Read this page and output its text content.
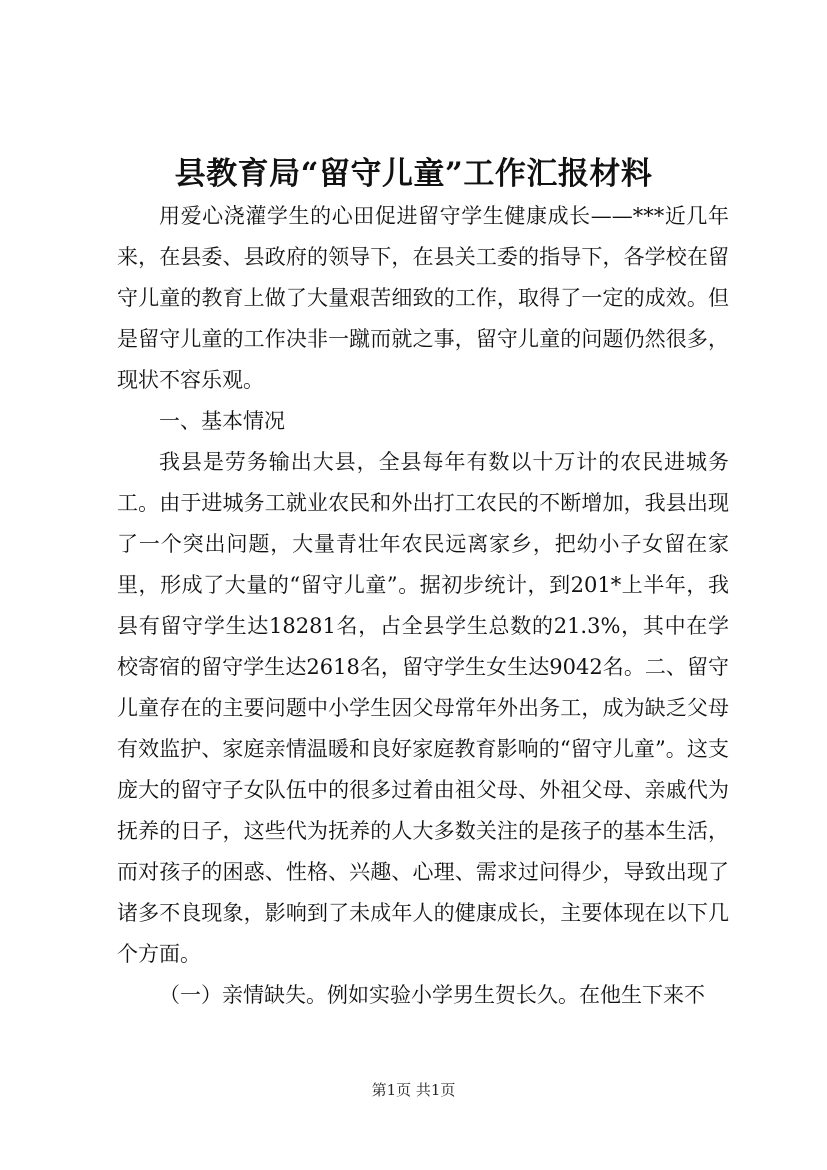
县教育局“留守儿童”工作汇报材料

用爱心浇灌学生的心田促进留守学生健康成长——***近几年来，在县委、县政府的领导下，在县关工委的指导下，各学校在留守儿童的教育上做了大量艰苦细致的工作，取得了一定的成效。但是留守儿童的工作决非一蹴而就之事，留守儿童的问题仍然很多，现状不容乐观。

一、基本情况

我县是劳务输出大县，全县每年有数以十万计的农民进城务工。由于进城务工就业农民和外出打工农民的不断增加，我县出现了一个突出问题，大量青壮年农民远离家乡，把幼小子女留在家里，形成了大量的“留守儿童”。据初步统计，到201*上半年，我县有留守学生达18281名，占全县学生总数的21.3%，其中在学校寄宿的留守学生达2618名，留守学生女生达9042名。二、留守儿童存在的主要问题中小学生因父母常年外出务工，成为缺乏父母有效监护、家庭亲情温暖和良好家庭教育影响的“留守儿童”。这支庞大的留守子女队伍中的很多过着由祖父母、外祖父母、亲戚代为抚养的日子，这些代为抚养的人大多数关注的是孩子的基本生活，而对孩子的困惑、性格、兴趣、心理、需求过问得少，导致出现了诸多不良现象，影响到了未成年人的健康成长，主要体现在以下几个方面。

（一）亲情缺失。例如实验小学男生贺长久。在他生下来不

第1页 共1页
